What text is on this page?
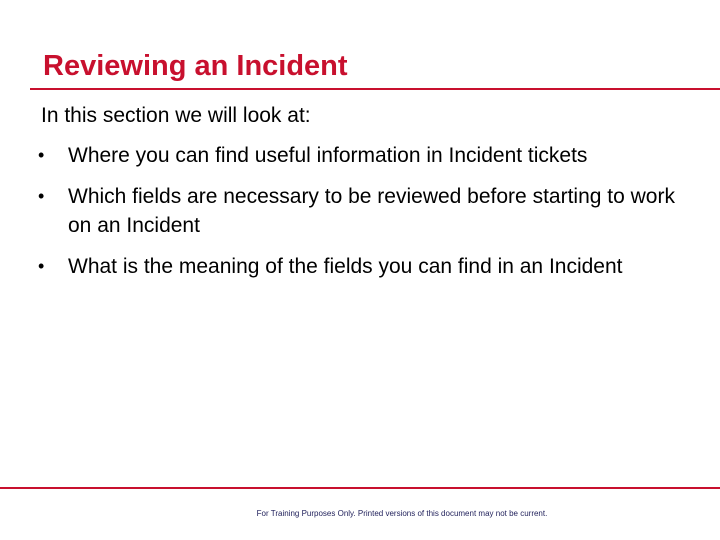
Reviewing an Incident
In this section we will look at:
• Where you can find useful information in Incident tickets
• Which fields are necessary to be reviewed before starting to work on an Incident
• What is the meaning of the fields you can find in an Incident
For Training Purposes Only. Printed versions of this document may not be current.
